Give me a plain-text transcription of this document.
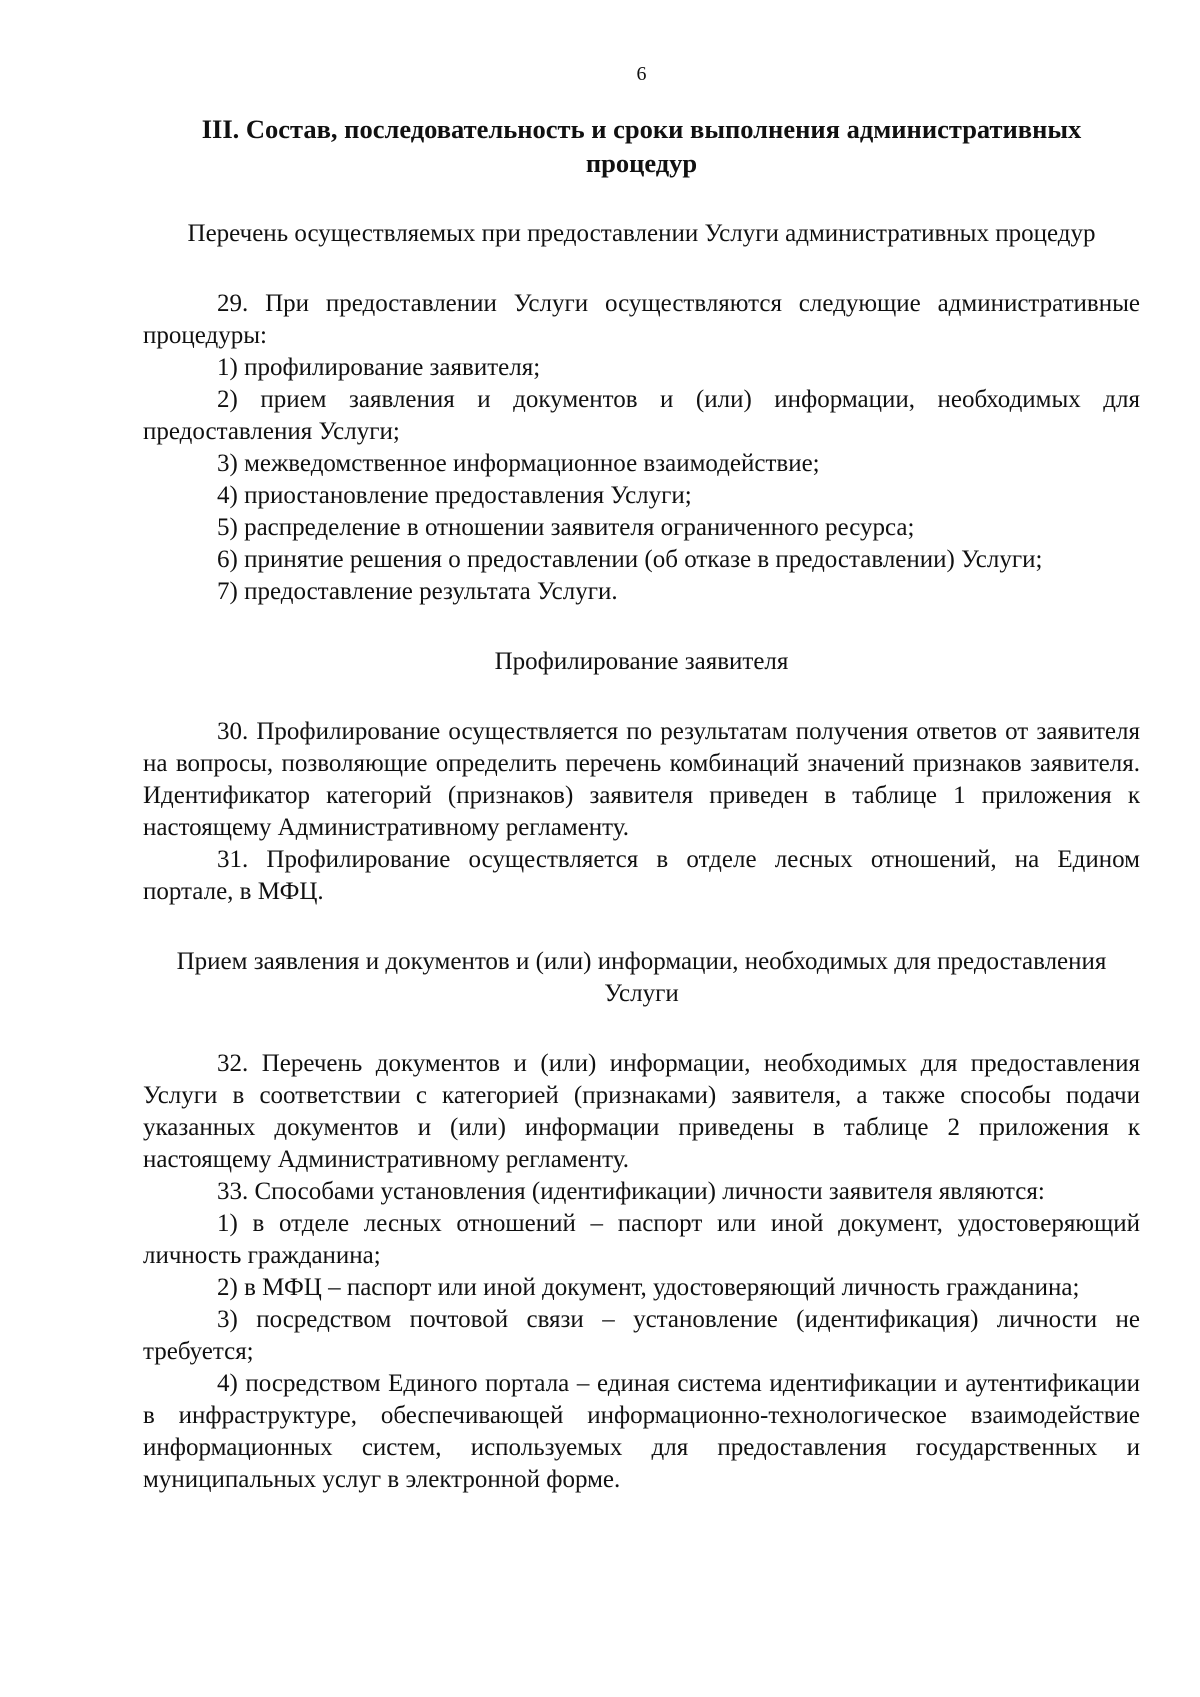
6
III. Состав, последовательность и сроки выполнения административных процедур
Перечень осуществляемых при предоставлении Услуги административных процедур

29. При предоставлении Услуги осуществляются следующие административные процедуры:

1) профилирование заявителя;

2) прием заявления и документов и (или) информации, необходимых для предоставления Услуги;

3) межведомственное информационное взаимодействие;

4) приостановление предоставления Услуги;

5) распределение в отношении заявителя ограниченного ресурса;

6) принятие решения о предоставлении (об отказе в предоставлении) Услуги;

7) предоставление результата Услуги.

Профилирование заявителя

30. Профилирование осуществляется по результатам получения ответов от заявителя на вопросы, позволяющие определить перечень комбинаций значений признаков заявителя. Идентификатор категорий (признаков) заявителя приведен в таблице 1 приложения к настоящему Административному регламенту.

31. Профилирование осуществляется в отделе лесных отношений, на Едином портале, в МФЦ.

Прием заявления и документов и (или) информации, необходимых для предоставления Услуги

32. Перечень документов и (или) информации, необходимых для предоставления Услуги в соответствии с категорией (признаками) заявителя, а также способы подачи указанных документов и (или) информации приведены в таблице 2 приложения к настоящему Административному регламенту.

33. Способами установления (идентификации) личности заявителя являются:

1) в отделе лесных отношений – паспорт или иной документ, удостоверяющий личность гражданина;

2) в МФЦ – паспорт или иной документ, удостоверяющий личность гражданина;

3) посредством почтовой связи – установление (идентификация) личности не требуется;

4) посредством Единого портала – единая система идентификации и аутентификации в инфраструктуре, обеспечивающей информационно-технологическое взаимодействие информационных систем, используемых для предоставления государственных и муниципальных услуг в электронной форме.
